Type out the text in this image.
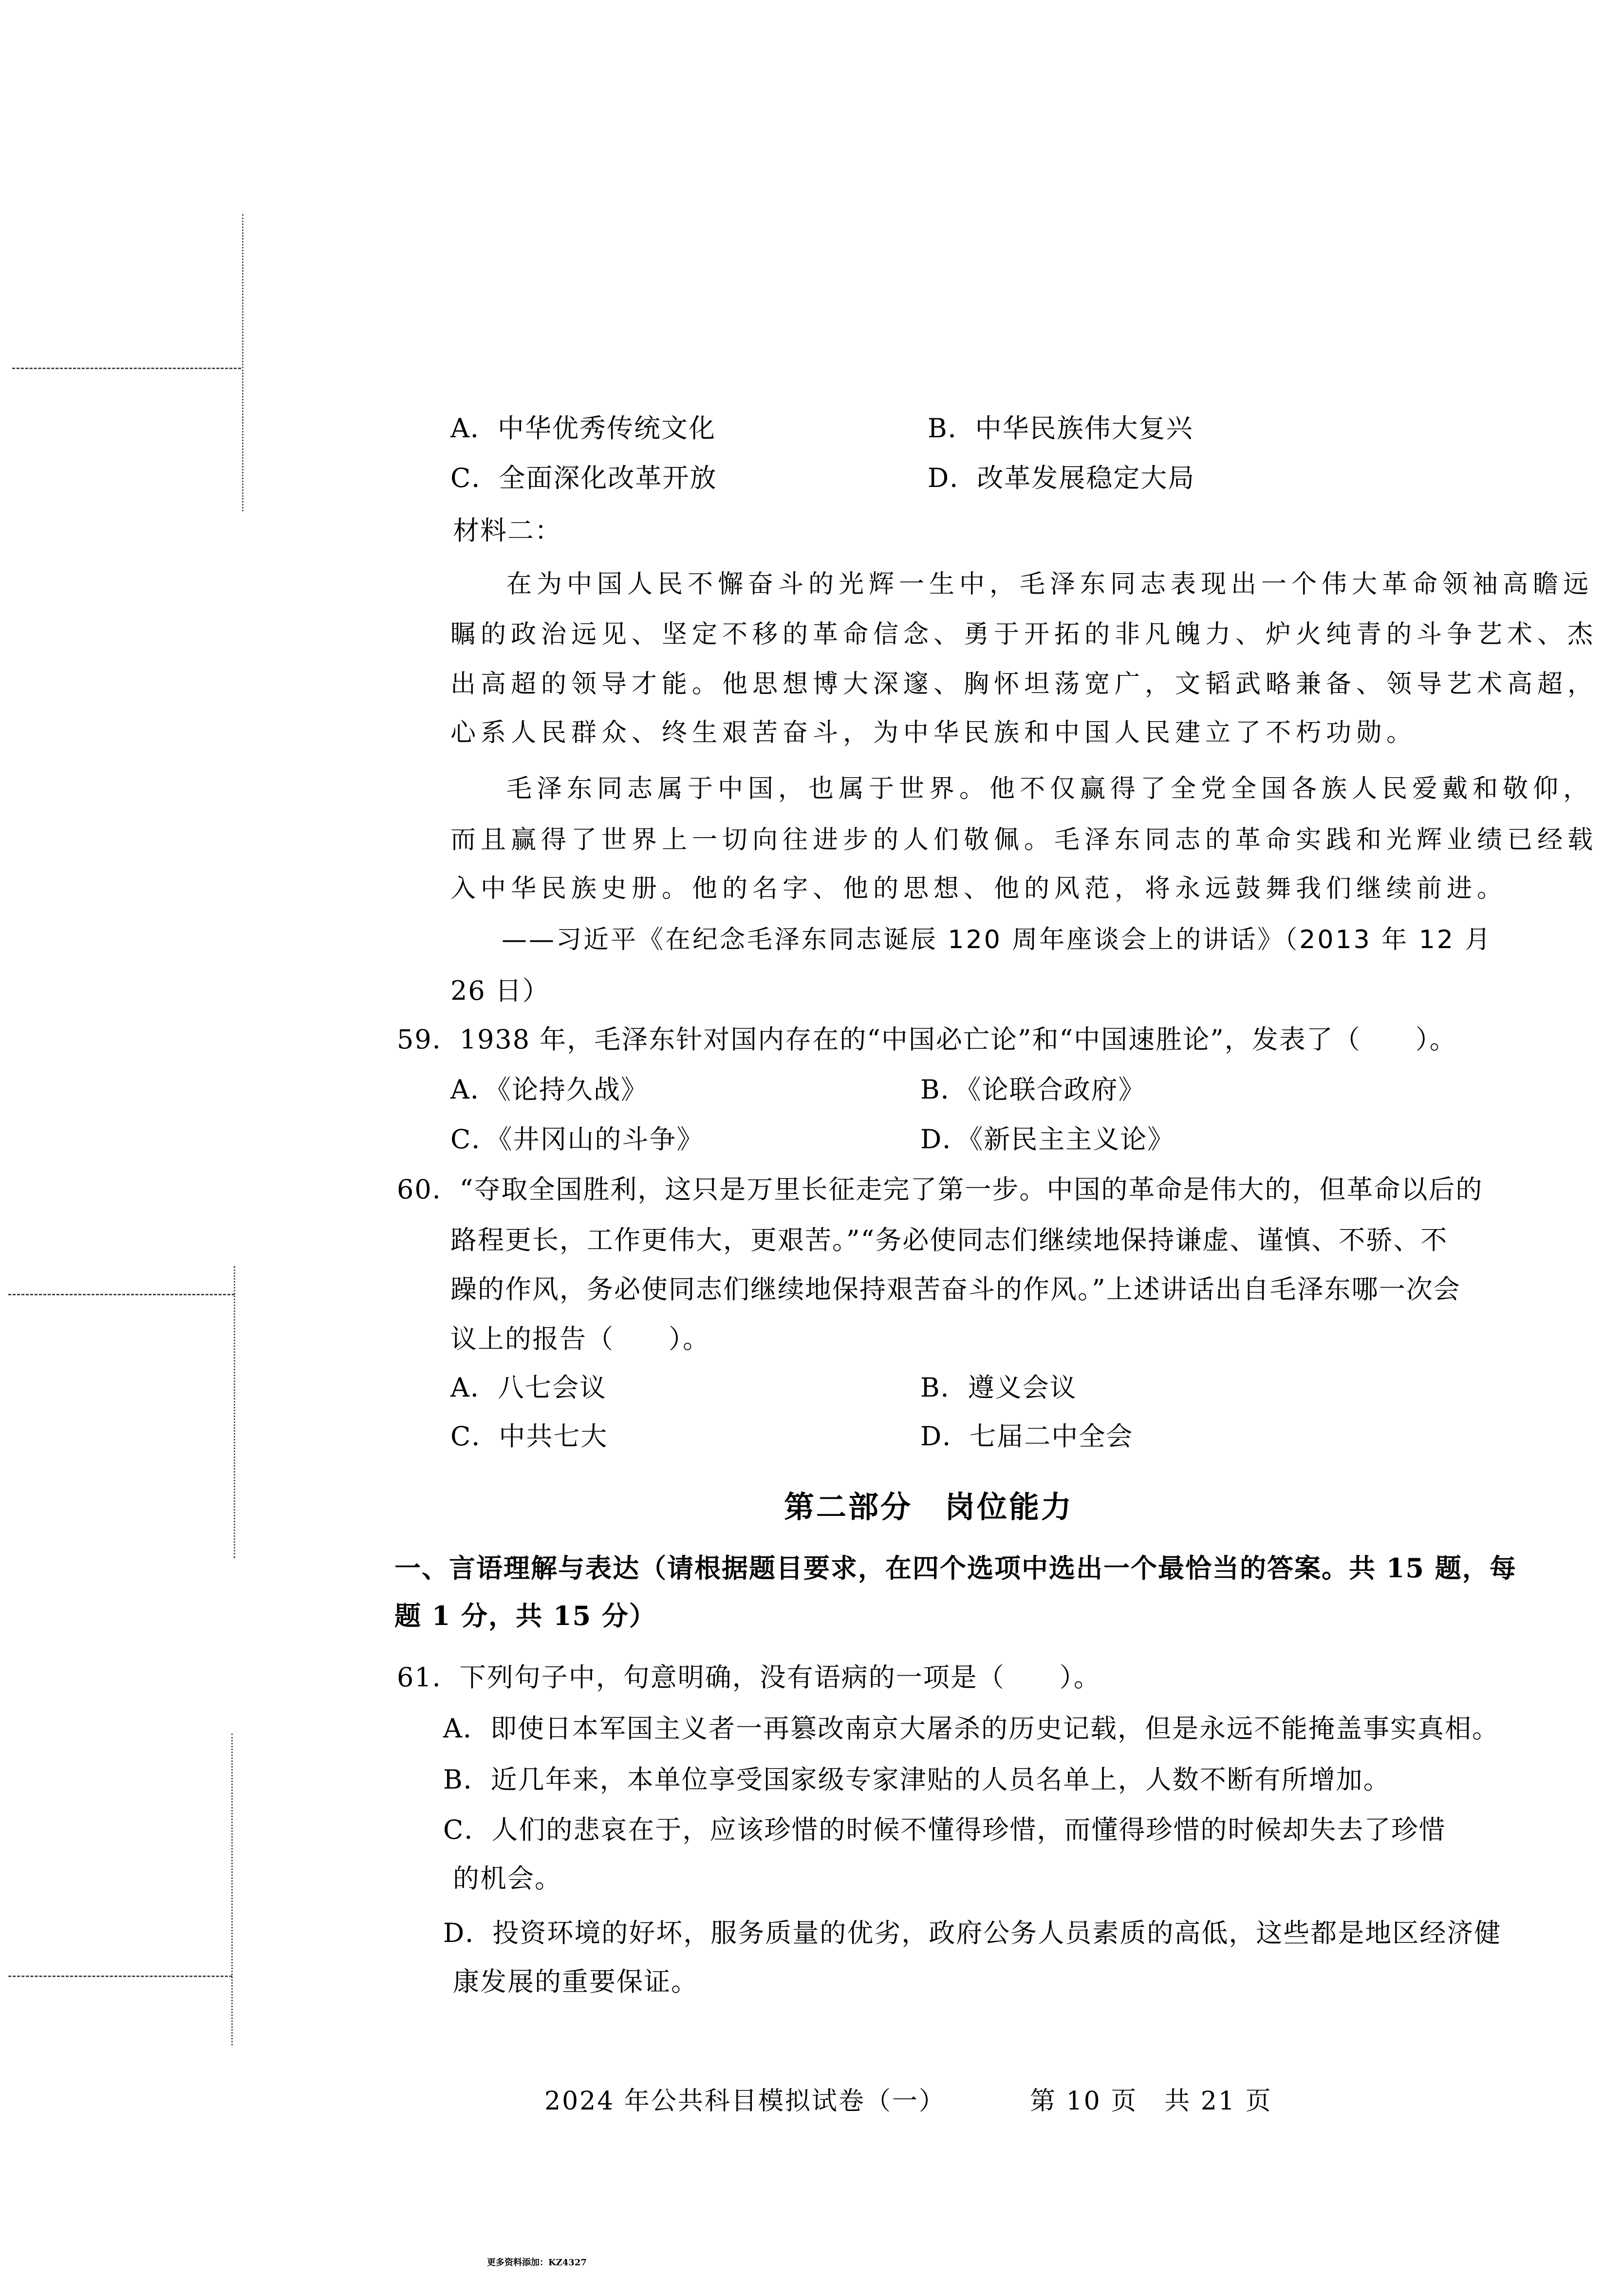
A．中华优秀传统文化	B．中华民族伟大复兴
C．全面深化改革开放	D．改革发展稳定大局
材料二：
在为中国人民不懈奋斗的光辉一生中，毛泽东同志表现出一个伟大革命领袖高瞻远
瞩的政治远见、坚定不移的革命信念、勇于开拓的非凡魄力、炉火纯青的斗争艺术、杰
出高超的领导才能。他思想博大深邃、胸怀坦荡宽广，文韬武略兼备、领导艺术高超，
心系人民群众、终生艰苦奋斗，为中华民族和中国人民建立了不朽功勋。
毛泽东同志属于中国，也属于世界。他不仅赢得了全党全国各族人民爱戴和敬仰，
而且赢得了世界上一切向往进步的人们敬佩。毛泽东同志的革命实践和光辉业绩已经载
入中华民族史册。他的名字、他的思想、他的风范，将永远鼓舞我们继续前进。
——习近平《在纪念毛泽东同志诞辰 120 周年座谈会上的讲话》（2013 年 12 月
26 日）
59．1938 年，毛泽东针对国内存在的“中国必亡论”和“中国速胜论”，发表了（　　）。
A．《论持久战》	B．《论联合政府》
C．《井冈山的斗争》	D．《新民主主义论》
60．“夺取全国胜利，这只是万里长征走完了第一步。中国的革命是伟大的，但革命以后的
路程更长，工作更伟大，更艰苦。”“务必使同志们继续地保持谦虚、谨慎、不骄、不
躁的作风，务必使同志们继续地保持艰苦奋斗的作风。”上述讲话出自毛泽东哪一次会
议上的报告（　　）。
A．八七会议	B．遵义会议
C．中共七大	D．七届二中全会
第二部分　岗位能力
一、言语理解与表达（请根据题目要求，在四个选项中选出一个最恰当的答案。共 15 题，每
题 1 分，共 15 分）
61．下列句子中，句意明确，没有语病的一项是（　　）。
A．即使日本军国主义者一再篡改南京大屠杀的历史记载，但是永远不能掩盖事实真相。
B．近几年来，本单位享受国家级专家津贴的人员名单上，人数不断有所增加。
C．人们的悲哀在于，应该珍惜的时候不懂得珍惜，而懂得珍惜的时候却失去了珍惜
的机会。
D．投资环境的好坏，服务质量的优劣，政府公务人员素质的高低，这些都是地区经济健
康发展的重要保证。
2024 年公共科目模拟试卷（一）	第 10 页　共 21 页
更多资料添加：KZ4327
